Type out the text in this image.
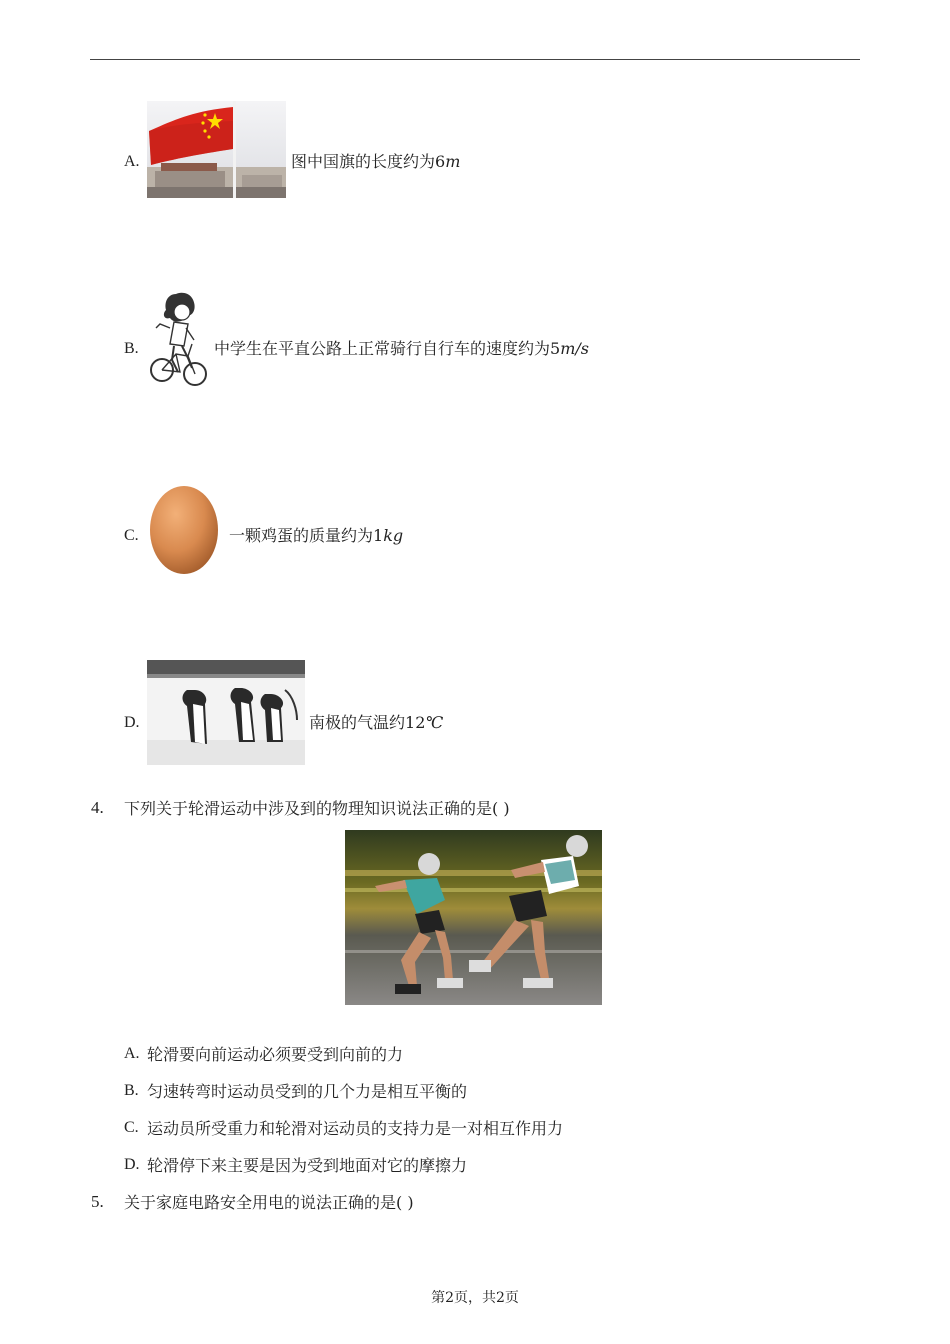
A.	图中国旗的长度约为6m
B.	中学生在平直公路上正常骑行自行车的速度约为5m/s
C.	一颗鸡蛋的质量约为1kg
D.	南极的气温约12℃
4. 下列关于轮滑运动中涉及到的物理知识说法正确的是( )
A. 轮滑要向前运动必须要受到向前的力
B. 匀速转弯时运动员受到的几个力是相互平衡的
C. 运动员所受重力和轮滑对运动员的支持力是一对相互作用力
D. 轮滑停下来主要是因为受到地面对它的摩擦力
5. 关于家庭电路安全用电的说法正确的是( )
第2页，共2页
